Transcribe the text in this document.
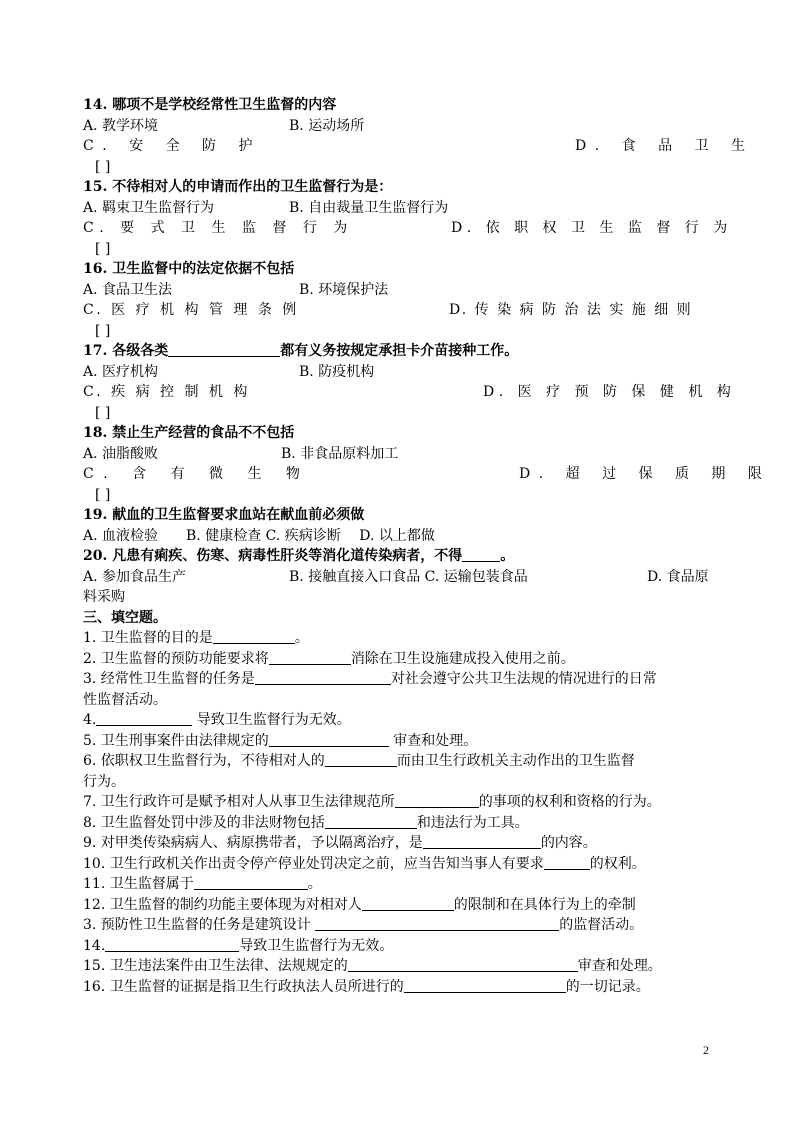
14. 哪项不是学校经常性卫生监督的内容
A. 教学环境	B. 运动场所
C. 安 全 防 护	D. 食 品 卫 生
[ ]
15. 不待相对人的申请而作出的卫生监督行为是：
A. 羁束卫生监督行为	B. 自由裁量卫生监督行为
C. 要 式 卫 生 监 督 行 为	D. 依 职 权 卫 生 监 督 行 为
[ ]
16. 卫生监督中的法定依据不包括
A. 食品卫生法	B. 环境保护法
C. 医 疗 机 构 管 理 条 例	D. 传 染 病 防 治 法 实 施 细 则
[ ]
17. 各级各类	都有义务按规定承担卡介苗接种工作。
A. 医疗机构	B. 防疫机构
C. 疾 病 控 制 机 构	D. 医 疗 预 防 保 健 机 构
[ ]
18. 禁止生产经营的食品不不包括
A. 油脂酸败	B. 非食品原料加工
C. 含 有 微 生 物	D. 超 过 保 质 期 限
[ ]
19. 献血的卫生监督要求血站在献血前必须做
A. 血液检验　　B. 健康检查 C. 疾病诊断　 D. 以上都做
20. 凡患有痢疾、伤寒、病毒性肝炎等消化道传染病者，不得	。
A. 参加食品生产	B. 接触直接入口食品 C. 运输包装食品	D. 食品原
料采购
三、填空题。
1. 卫生监督的目的是	。
2. 卫生监督的预防功能要求将	消除在卫生设施建成投入使用之前。
3. 经常性卫生监督的任务是	对社会遵守公共卫生法规的情况进行的日常
性监督活动。
4.	导致卫生监督行为无效。
5. 卫生刑事案件由法律规定的	审查和处理。
6. 依职权卫生监督行为，不待相对人的	而由卫生行政机关主动作出的卫生监督
行为。
7. 卫生行政许可是赋予相对人从事卫生法律规范所	的事项的权利和资格的行为。
8. 卫生监督处罚中涉及的非法财物包括	和违法行为工具。
9. 对甲类传染病病人、病原携带者，予以隔离治疗，是	的内容。
10. 卫生行政机关作出责令停产停业处罚决定之前，应当告知当事人有要求	的权利。
11. 卫生监督属于	。
12. 卫生监督的制约功能主要体现为对相对人	的限制和在具体行为上的牵制
3. 预防性卫生监督的任务是建筑设计	的监督活动。
14.	导致卫生监督行为无效。
15. 卫生违法案件由卫生法律、法规规定的	审查和处理。
16. 卫生监督的证据是指卫生行政执法人员所进行的	的一切记录。
2
